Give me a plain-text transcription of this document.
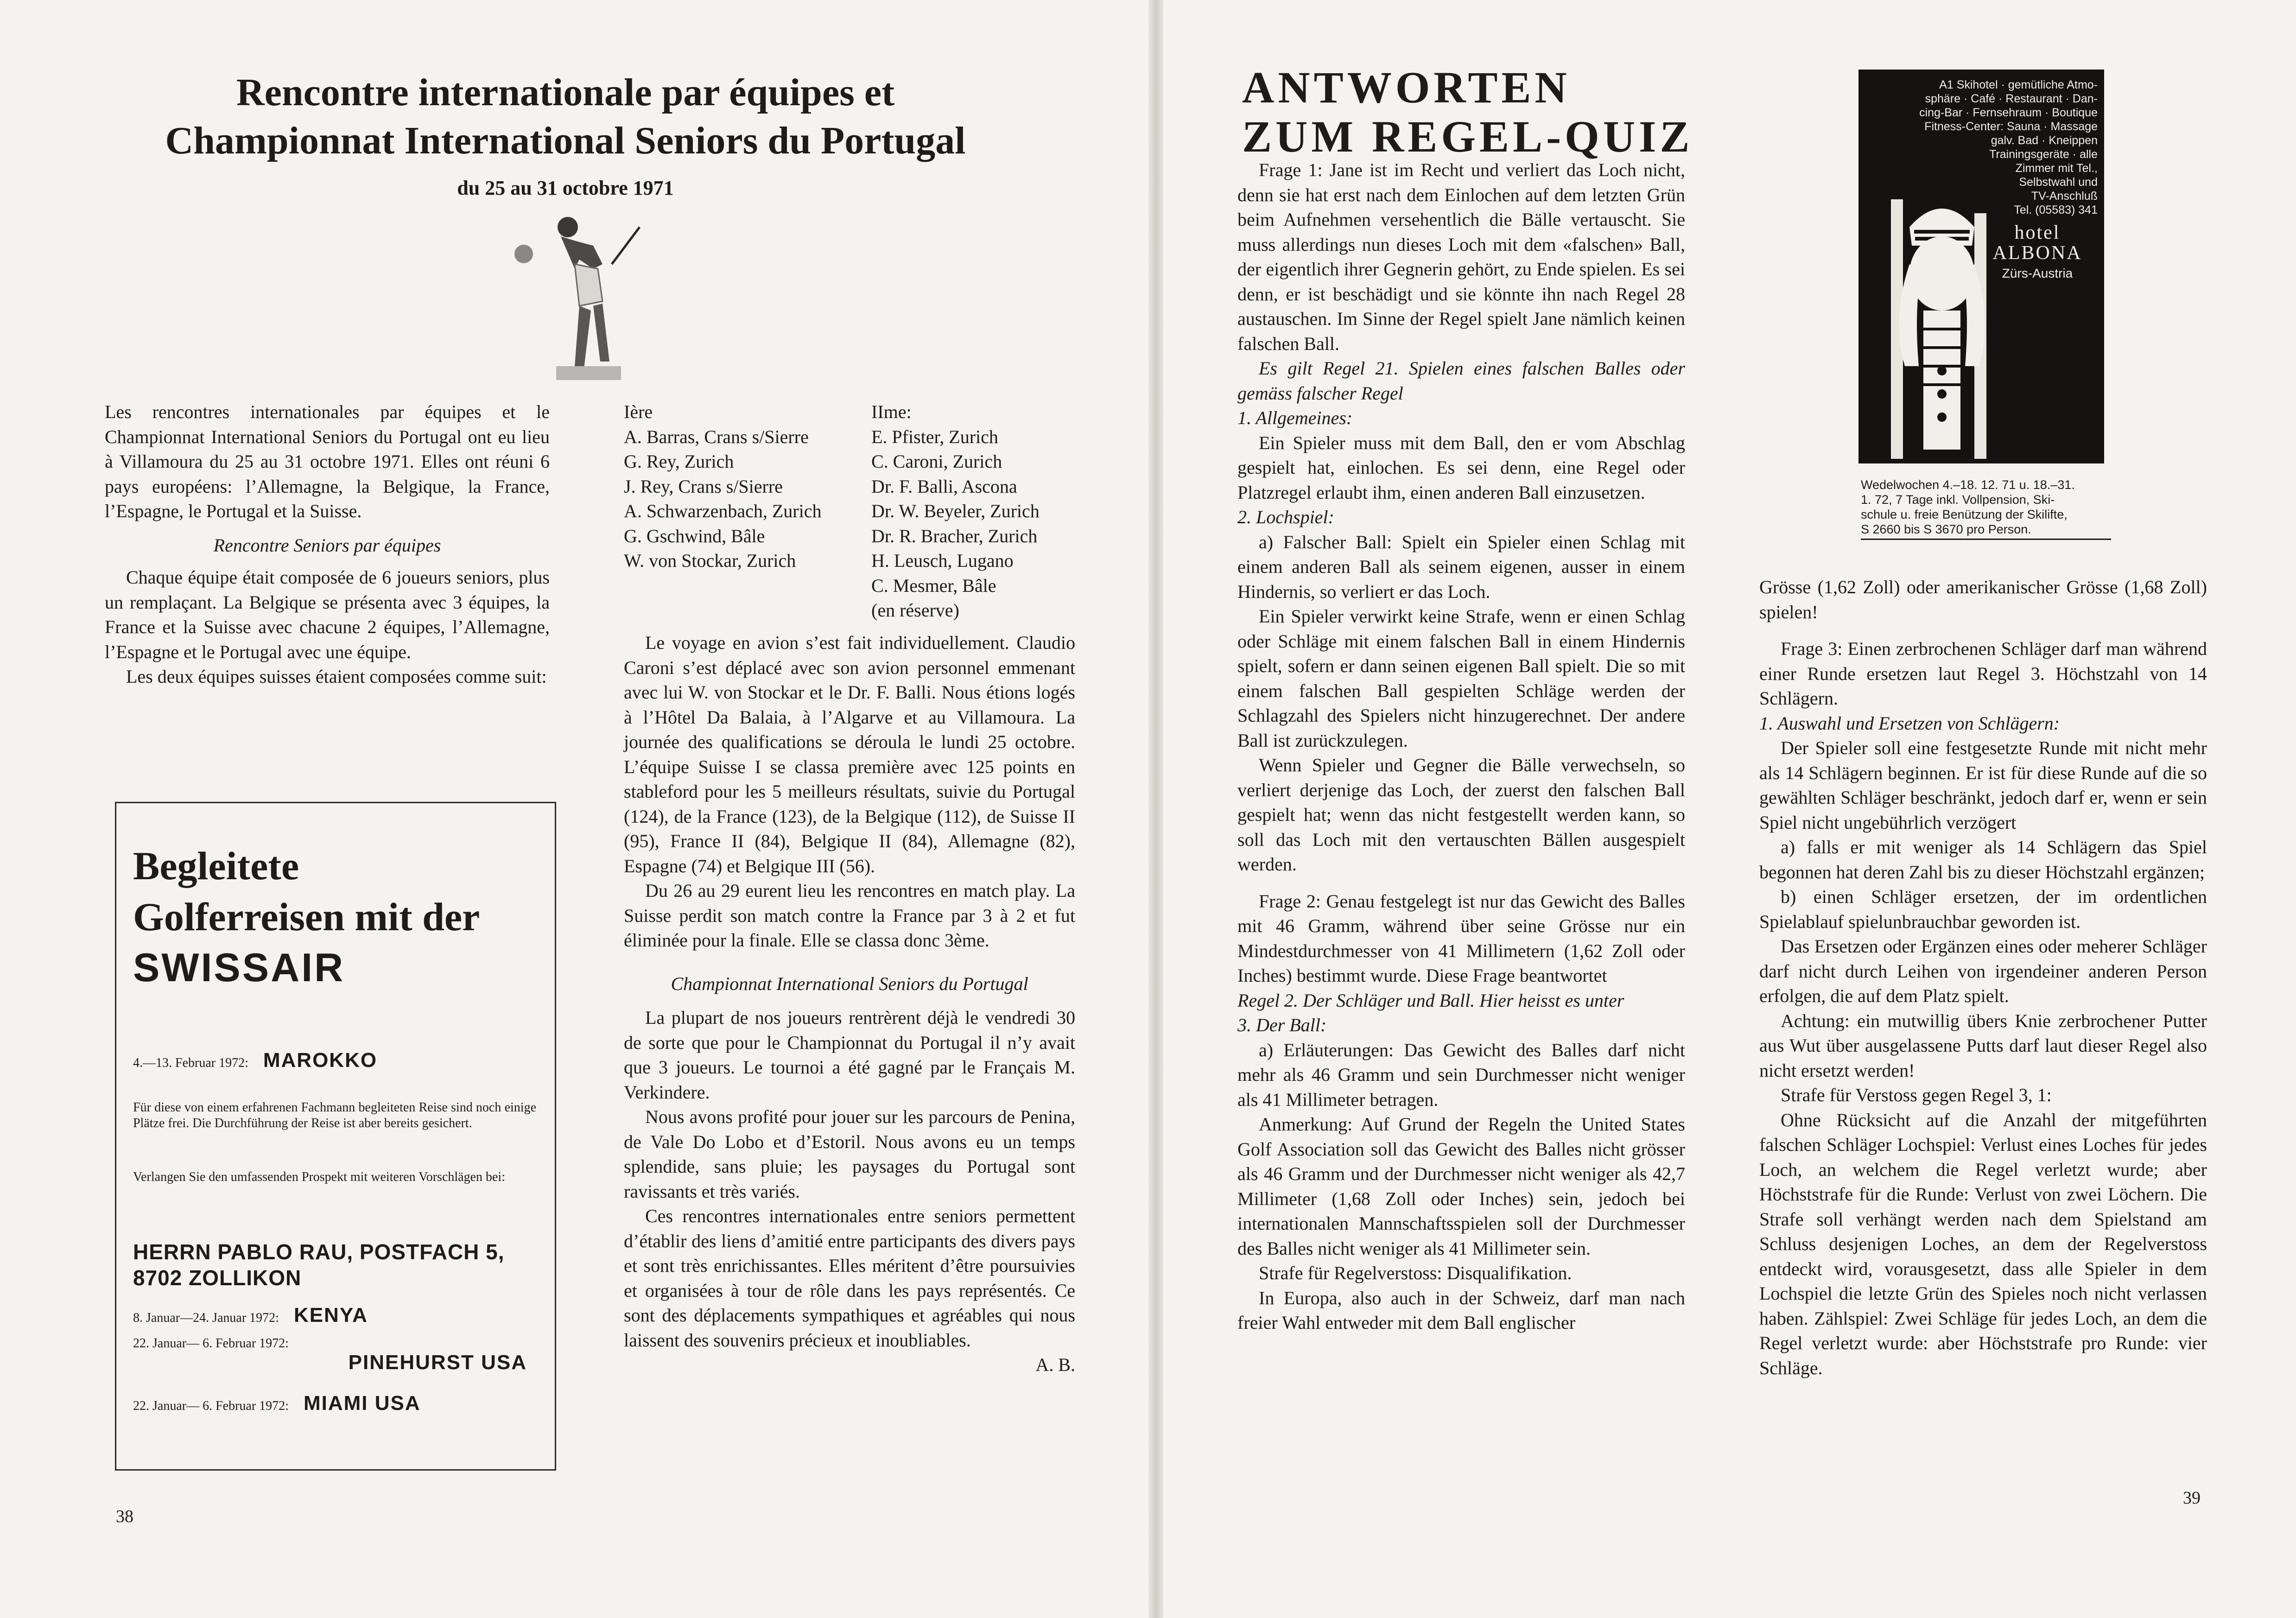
Rencontre internationale par équipes et
Championnat International Seniors du Portugal
du 25 au 31 octobre 1971

Les rencontres internationales par équipes et le Championnat International Seniors du Portugal ont eu lieu à Villamoura du 25 au 31 octobre 1971. Elles ont réuni 6 pays européens: l’Allemagne, la Belgique, la France, l’Espagne, le Portugal et la Suisse.

Rencontre Seniors par équipes

Chaque équipe était composée de 6 joueurs seniors, plus un remplaçant. La Belgique se présenta avec 3 équipes, la France et la Suisse avec chacune 2 équipes, l’Allemagne, l’Espagne et le Portugal avec une équipe.

Les deux équipes suisses étaient composées comme suit:

Begleitete
Golferreisen mit der
SWISSAIR
4.—13. Februar 1972: MAROKKO
Für diese von einem erfahrenen Fachmann begleiteten Reise sind noch einige Plätze frei. Die Durchführung der Reise ist aber bereits gesichert.
Verlangen Sie den umfassenden Prospekt mit weiteren Vorschlägen bei:
HERRN PABLO RAU, POSTFACH 5,
8702 ZOLLIKON
8. Januar—24. Januar 1972: KENYA
22. Januar— 6. Februar 1972:
PINEHURST USA
22. Januar— 6. Februar 1972: MIAMI USA
Ière
A. Barras, Crans s/Sierre
G. Rey, Zurich
J. Rey, Crans s/Sierre
A. Schwarzenbach, Zurich
G. Gschwind, Bâle
W. von Stockar, Zurich
IIme:
E. Pfister, Zurich
C. Caroni, Zurich
Dr. F. Balli, Ascona
Dr. W. Beyeler, Zurich
Dr. R. Bracher, Zurich
H. Leusch, Lugano
C. Mesmer, Bâle
(en réserve)

Le voyage en avion s’est fait individuellement. Claudio Caroni s’est déplacé avec son avion personnel emmenant avec lui W. von Stockar et le Dr. F. Balli. Nous étions logés à l’Hôtel Da Balaia, à l’Algarve et au Villamoura. La journée des qualifications se déroula le lundi 25 octobre. L’équipe Suisse I se classa première avec 125 points en stableford pour les 5 meilleurs résultats, suivie du Portugal (124), de la France (123), de la Belgique (112), de Suisse II (95), France II (84), Belgique II (84), Allemagne (82), Espagne (74) et Belgique III (56).

Du 26 au 29 eurent lieu les rencontres en match play. La Suisse perdit son match contre la France par 3 à 2 et fut éliminée pour la finale. Elle se classa donc 3ème.

Championnat International Seniors du Portugal

La plupart de nos joueurs rentrèrent déjà le vendredi 30 de sorte que pour le Championnat du Portugal il n’y avait que 3 joueurs. Le tournoi a été gagné par le Français M. Verkindere.

Nous avons profité pour jouer sur les parcours de Penina, de Vale Do Lobo et d’Estoril. Nous avons eu un temps splendide, sans pluie; les paysages du Portugal sont ravissants et très variés.

Ces rencontres internationales entre seniors permettent d’établir des liens d’amitié entre participants des divers pays et sont très enrichissantes. Elles méritent d’être poursuivies et organisées à tour de rôle dans les pays représentés. Ce sont des déplacements sympathiques et agréables qui nous laissent des souvenirs précieux et inoubliables.

A. B.

38
ANTWORTEN
ZUM REGEL-QUIZ

Frage 1: Jane ist im Recht und verliert das Loch nicht, denn sie hat erst nach dem Einlochen auf dem letzten Grün beim Aufnehmen versehentlich die Bälle vertauscht. Sie muss allerdings nun dieses Loch mit dem «falschen» Ball, der eigentlich ihrer Gegnerin gehört, zu Ende spielen. Es sei denn, er ist beschädigt und sie könnte ihn nach Regel 28 austauschen. Im Sinne der Regel spielt Jane nämlich keinen falschen Ball.

Es gilt Regel 21. Spielen eines falschen Balles oder gemäss falscher Regel

1. Allgemeines:

Ein Spieler muss mit dem Ball, den er vom Abschlag gespielt hat, einlochen. Es sei denn, eine Regel oder Platzregel erlaubt ihm, einen anderen Ball einzusetzen.

2. Lochspiel:

a) Falscher Ball: Spielt ein Spieler einen Schlag mit einem anderen Ball als seinem eigenen, ausser in einem Hindernis, so verliert er das Loch.

Ein Spieler verwirkt keine Strafe, wenn er einen Schlag oder Schläge mit einem falschen Ball in einem Hindernis spielt, sofern er dann seinen eigenen Ball spielt. Die so mit einem falschen Ball gespielten Schläge werden der Schlagzahl des Spielers nicht hinzugerechnet. Der andere Ball ist zurückzulegen.

Wenn Spieler und Gegner die Bälle verwechseln, so verliert derjenige das Loch, der zuerst den falschen Ball gespielt hat; wenn das nicht festgestellt werden kann, so soll das Loch mit den vertauschten Bällen ausgespielt werden.

Frage 2: Genau festgelegt ist nur das Gewicht des Balles mit 46 Gramm, während über seine Grösse nur ein Mindestdurchmesser von 41 Millimetern (1,62 Zoll oder Inches) bestimmt wurde. Diese Frage beantwortet

Regel 2. Der Schläger und Ball. Hier heisst es unter

3. Der Ball:

a) Erläuterungen: Das Gewicht des Balles darf nicht mehr als 46 Gramm und sein Durchmesser nicht weniger als 41 Millimeter betragen.

Anmerkung: Auf Grund der Regeln the United States Golf Association soll das Gewicht des Balles nicht grösser als 46 Gramm und der Durchmesser nicht weniger als 42,7 Millimeter (1,68 Zoll oder Inches) sein, jedoch bei internationalen Mannschaftsspielen soll der Durchmesser des Balles nicht weniger als 41 Millimeter sein.

Strafe für Regelverstoss: Disqualifikation.

In Europa, also auch in der Schweiz, darf man nach freier Wahl entweder mit dem Ball englischer

A1 Skihotel · gemütliche Atmo-
sphäre · Café · Restaurant · Dan-
cing-Bar · Fernsehraum · Boutique
Fitness-Center: Sauna · Massage
galv. Bad · Kneippen
Trainingsgeräte · alle
Zimmer mit Tel.,
Selbstwahl und
TV-Anschluß
Tel. (05583) 341
hotel
ALBONA
Zürs-Austria
Wedelwochen 4.–18. 12. 71 u. 18.–31.
1. 72, 7 Tage inkl. Vollpension, Ski-
schule u. freie Benützung der Skilifte,
S 2660 bis S 3670 pro Person.

Grösse (1,62 Zoll) oder amerikanischer Grösse (1,68 Zoll) spielen!

Frage 3: Einen zerbrochenen Schläger darf man während einer Runde ersetzen laut Regel 3. Höchstzahl von 14 Schlägern.

1. Auswahl und Ersetzen von Schlägern:

Der Spieler soll eine festgesetzte Runde mit nicht mehr als 14 Schlägern beginnen. Er ist für diese Runde auf die so gewählten Schläger beschränkt, jedoch darf er, wenn er sein Spiel nicht ungebührlich verzögert

a) falls er mit weniger als 14 Schlägern das Spiel begonnen hat deren Zahl bis zu dieser Höchstzahl ergänzen;

b) einen Schläger ersetzen, der im ordentlichen Spielablauf spielunbrauchbar geworden ist.

Das Ersetzen oder Ergänzen eines oder meherer Schläger darf nicht durch Leihen von irgendeiner anderen Person erfolgen, die auf dem Platz spielt.

Achtung: ein mutwillig übers Knie zerbrochener Putter aus Wut über ausgelassene Putts darf laut dieser Regel also nicht ersetzt werden!

Strafe für Verstoss gegen Regel 3, 1:

Ohne Rücksicht auf die Anzahl der mitgeführten falschen Schläger Lochspiel: Verlust eines Loches für jedes Loch, an welchem die Regel verletzt wurde; aber Höchststrafe für die Runde: Verlust von zwei Löchern. Die Strafe soll verhängt werden nach dem Spielstand am Schluss desjenigen Loches, an dem der Regelverstoss entdeckt wird, vorausgesetzt, dass alle Spieler in dem Lochspiel die letzte Grün des Spieles noch nicht verlassen haben. Zählspiel: Zwei Schläge für jedes Loch, an dem die Regel verletzt wurde: aber Höchststrafe pro Runde: vier Schläge.

39
